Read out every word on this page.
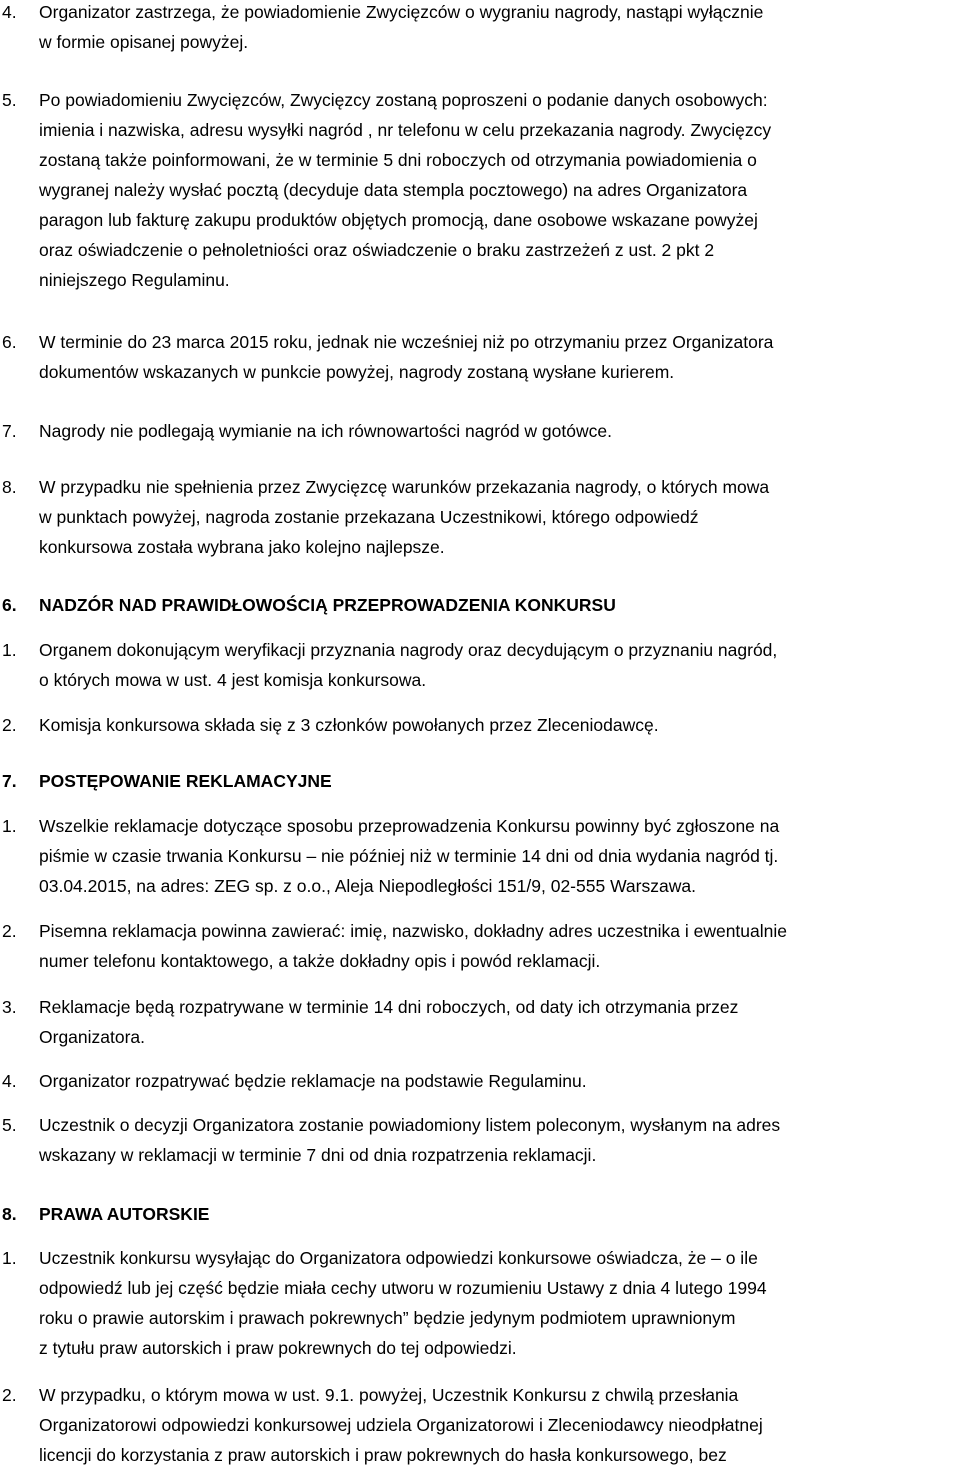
4. Organizator zastrzega, że powiadomienie Zwycięzców o wygraniu nagrody, nastąpi wyłącznie
w formie opisanej powyżej.
5. Po powiadomieniu Zwycięzców, Zwycięzcy zostaną poproszeni o podanie danych osobowych:
imienia i nazwiska, adresu wysyłki nagród , nr telefonu w celu przekazania nagrody. Zwycięzcy
zostaną także poinformowani, że w terminie 5 dni roboczych od otrzymania powiadomienia o
wygranej należy wysłać pocztą (decyduje data stempla pocztowego) na adres Organizatora
paragon lub fakturę zakupu produktów objętych promocją, dane osobowe wskazane powyżej
oraz oświadczenie o pełnoletniości oraz oświadczenie o braku zastrzeżeń z ust. 2 pkt 2
niniejszego Regulaminu.
6. W terminie do 23 marca 2015 roku, jednak nie wcześniej niż po otrzymaniu przez Organizatora
dokumentów wskazanych w punkcie powyżej, nagrody zostaną wysłane kurierem.
7. Nagrody nie podlegają wymianie na ich równowartości nagród w gotówce.
8. W przypadku nie spełnienia przez Zwycięzcę warunków przekazania nagrody, o których mowa
w punktach powyżej, nagroda zostanie przekazana Uczestnikowi, którego odpowiedź
konkursowa została wybrana jako kolejno najlepsze.
6. NADZÓR NAD PRAWIDŁOWOŚCIĄ PRZEPROWADZENIA KONKURSU
1. Organem dokonującym weryfikacji przyznania nagrody oraz decydującym o przyznaniu nagród,
o których mowa w ust. 4 jest komisja konkursowa.
2. Komisja konkursowa składa się z 3 członków powołanych przez Zleceniodawcę.
7. POSTĘPOWANIE REKLAMACYJNE
1. Wszelkie reklamacje dotyczące sposobu przeprowadzenia Konkursu powinny być zgłoszone na
piśmie w czasie trwania Konkursu – nie później niż w terminie 14 dni od dnia wydania nagród tj.
03.04.2015, na adres: ZEG sp. z o.o., Aleja Niepodległości 151/9, 02-555 Warszawa.
2. Pisemna reklamacja powinna zawierać: imię, nazwisko, dokładny adres uczestnika i ewentualnie
numer telefonu kontaktowego, a także dokładny opis i powód reklamacji.
3. Reklamacje będą rozpatrywane w terminie 14 dni roboczych, od daty ich otrzymania przez
Organizatora.
4. Organizator rozpatrywać będzie reklamacje na podstawie Regulaminu.
5. Uczestnik o decyzji Organizatora zostanie powiadomiony listem poleconym, wysłanym na adres
wskazany w reklamacji w terminie 7 dni od dnia rozpatrzenia reklamacji.
8. PRAWA AUTORSKIE
1. Uczestnik konkursu wysyłając do Organizatora odpowiedzi konkursowe oświadcza, że – o ile
odpowiedź lub jej część będzie miała cechy utworu w rozumieniu Ustawy z dnia 4 lutego 1994
roku o prawie autorskim i prawach pokrewnych” będzie jedynym podmiotem uprawnionym
z tytułu praw autorskich i praw pokrewnych do tej odpowiedzi.
2. W przypadku, o którym mowa w ust. 9.1. powyżej, Uczestnik Konkursu z chwilą przesłania
Organizatorowi odpowiedzi konkursowej udziela Organizatorowi i Zleceniodawcy nieodpłatnej
licencji do korzystania z praw autorskich i praw pokrewnych do hasła konkursowego, bez
